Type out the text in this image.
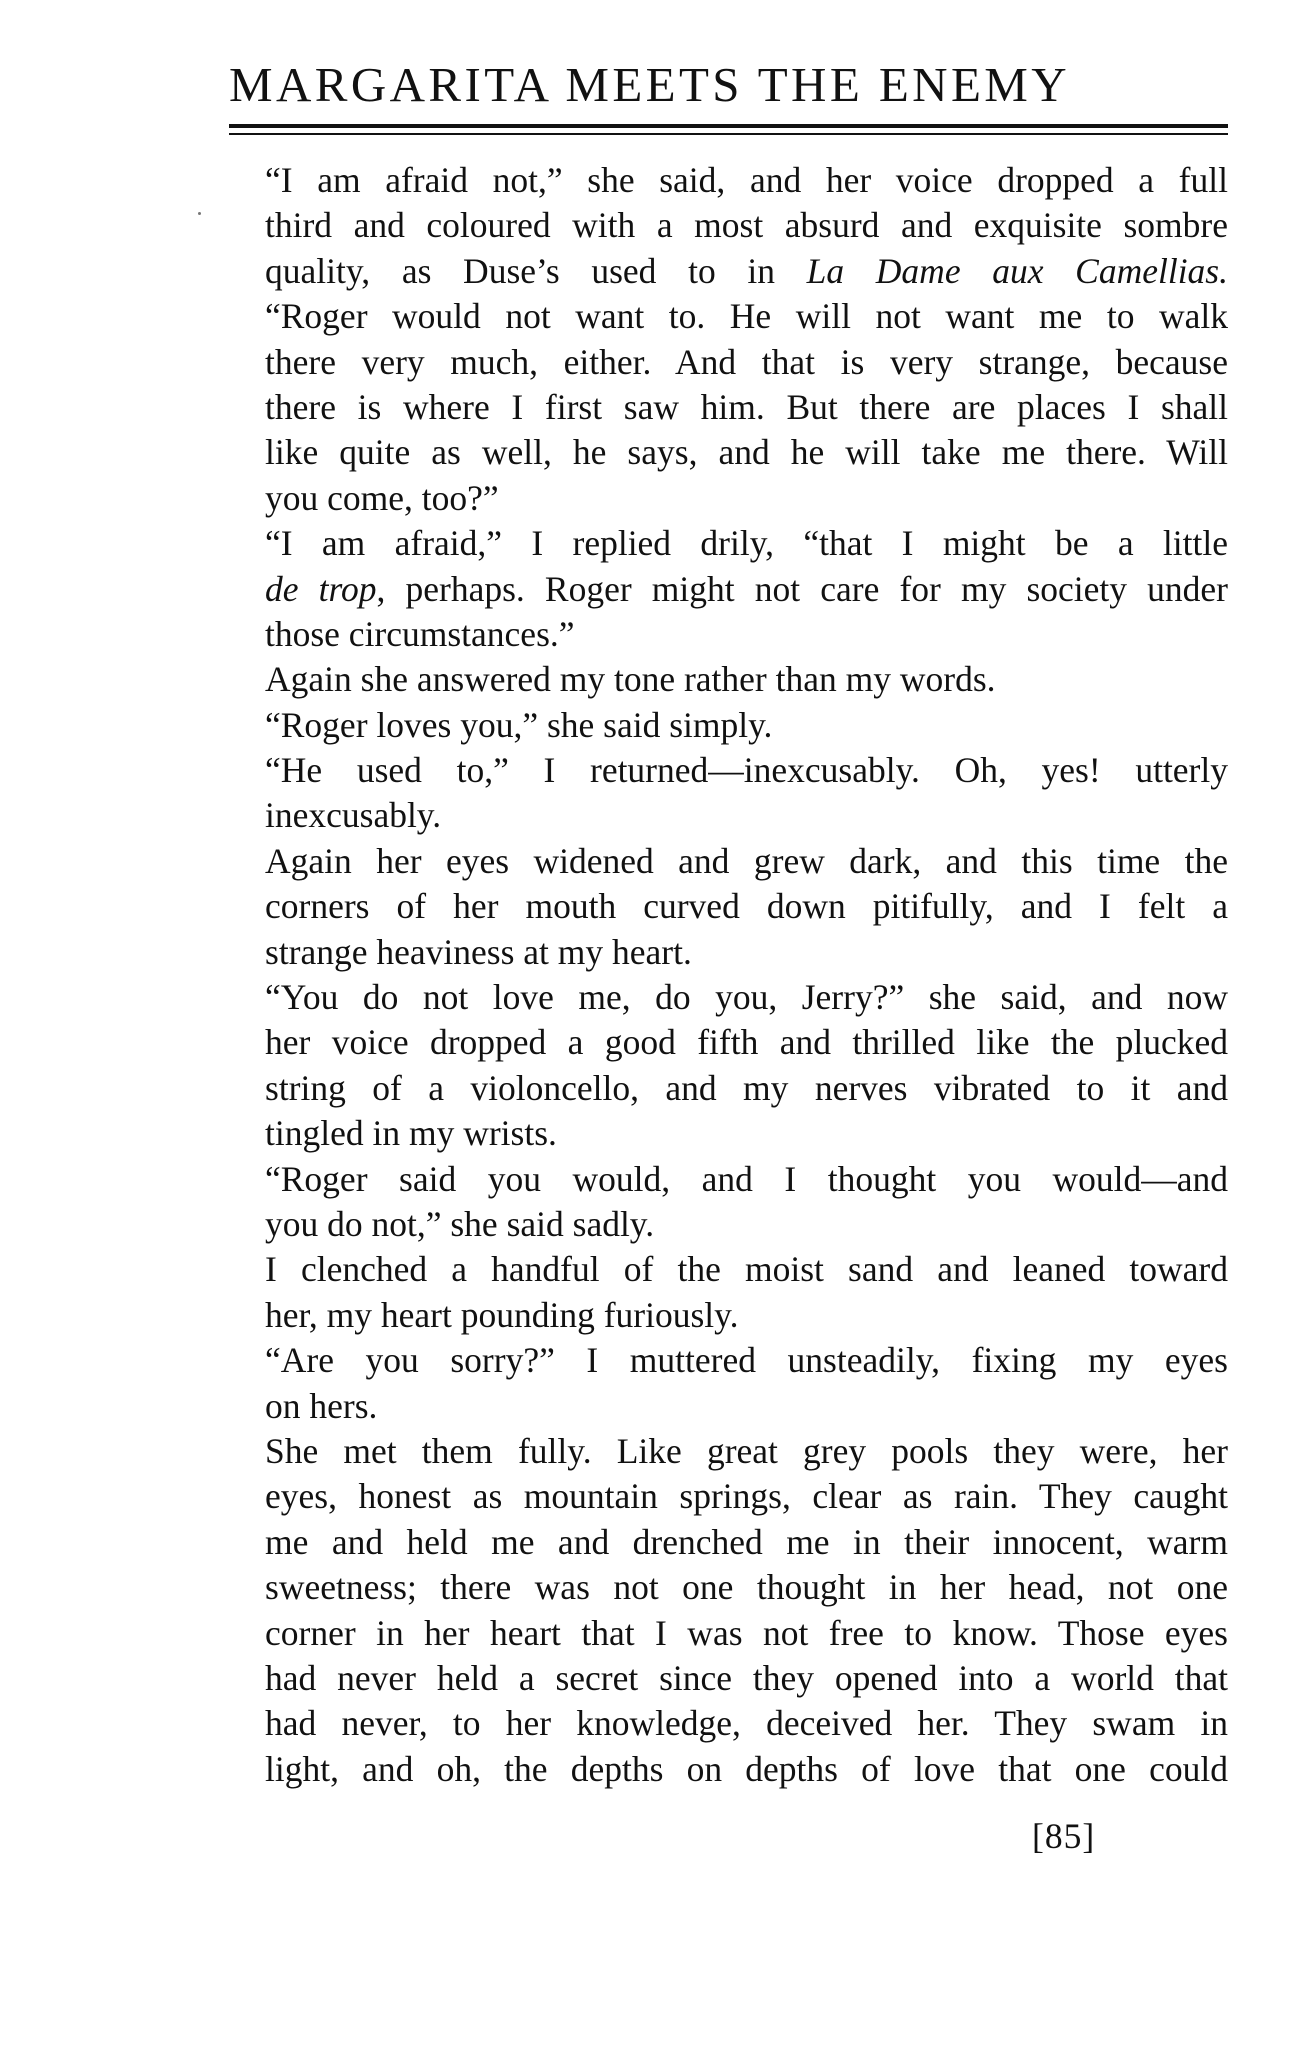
MARGARITA MEETS THE ENEMY

“I am afraid not,” she said, and her voice dropped a full
third and coloured with a most absurd and exquisite sombre
quality, as Duse’s used to in La Dame aux Camellias.
“Roger would not want to. He will not want me to walk
there very much, either. And that is very strange, because
there is where I first saw him. But there are places I shall
like quite as well, he says, and he will take me there. Will
you come, too?”

“I am afraid,” I replied drily, “that I might be a little
de trop, perhaps. Roger might not care for my society under
those circumstances.”

Again she answered my tone rather than my words.

“Roger loves you,” she said simply.

“He used to,” I returned—inexcusably. Oh, yes! utterly
inexcusably.

Again her eyes widened and grew dark, and this time the
corners of her mouth curved down pitifully, and I felt a
strange heaviness at my heart.

“You do not love me, do you, Jerry?” she said, and now
her voice dropped a good fifth and thrilled like the plucked
string of a violoncello, and my nerves vibrated to it and
tingled in my wrists.

“Roger said you would, and I thought you would—and
you do not,” she said sadly.

I clenched a handful of the moist sand and leaned toward
her, my heart pounding furiously.

“Are you sorry?” I muttered unsteadily, fixing my eyes
on hers.

She met them fully. Like great grey pools they were, her
eyes, honest as mountain springs, clear as rain. They caught
me and held me and drenched me in their innocent, warm
sweetness; there was not one thought in her head, not one
corner in her heart that I was not free to know. Those eyes
had never held a secret since they opened into a world that
had never, to her knowledge, deceived her. They swam in
light, and oh, the depths on depths of love that one could

[85]
